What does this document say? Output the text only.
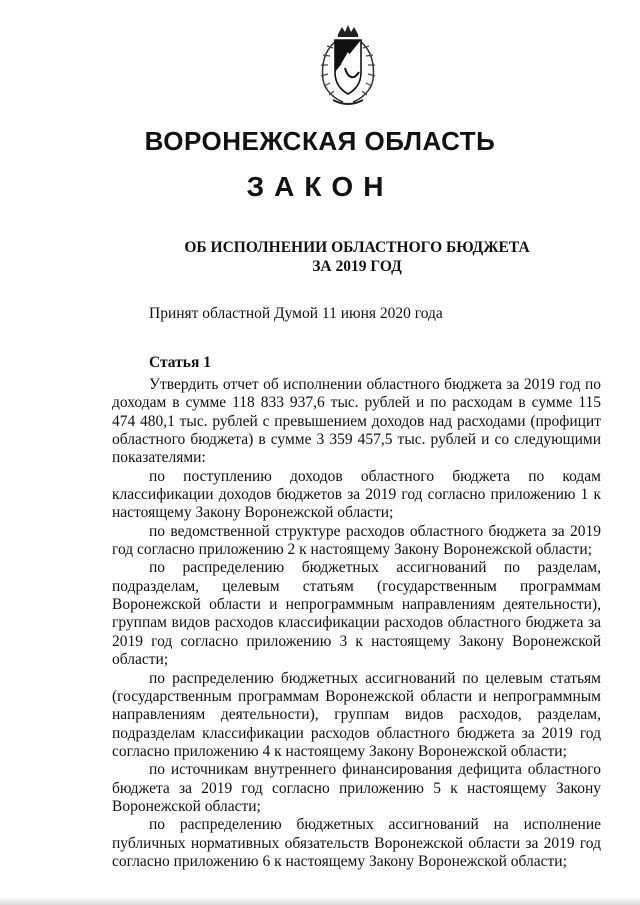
ВОРОНЕЖСКАЯ ОБЛАСТЬ
ЗАКОН
ОБ ИСПОЛНЕНИИ ОБЛАСТНОГО БЮДЖЕТА
ЗА 2019 ГОД

Принят областной Думой 11 июня 2020 года

Статья 1

Утвердить отчет об исполнении областного бюджета за 2019 год по доходам в сумме 118 833 937,6 тыс. рублей и по расходам в сумме 115 474 480,1 тыс. рублей с превышением доходов над расходами (профицит областного бюджета) в сумме 3 359 457,5 тыс. рублей и со следующими показателями:

по поступлению доходов областного бюджета по кодам классификации доходов бюджетов за 2019 год согласно приложению 1 к настоящему Закону Воронежской области;

по ведомственной структуре расходов областного бюджета за 2019 год согласно приложению 2 к настоящему Закону Воронежской области;

по распределению бюджетных ассигнований по разделам, подразделам, целевым статьям (государственным программам Воронежской области и непрограммным направлениям деятельности), группам видов расходов классификации расходов областного бюджета за 2019 год согласно приложению 3 к настоящему Закону Воронежской области;

по распределению бюджетных ассигнований по целевым статьям (государственным программам Воронежской области и непрограммным направлениям деятельности), группам видов расходов, разделам, подразделам классификации расходов областного бюджета за 2019 год согласно приложению 4 к настоящему Закону Воронежской области;

по источникам внутреннего финансирования дефицита областного бюджета за 2019 год согласно приложению 5 к настоящему Закону Воронежской области;

по распределению бюджетных ассигнований на исполнение публичных нормативных обязательств Воронежской области за 2019 год согласно приложению 6 к настоящему Закону Воронежской области;
